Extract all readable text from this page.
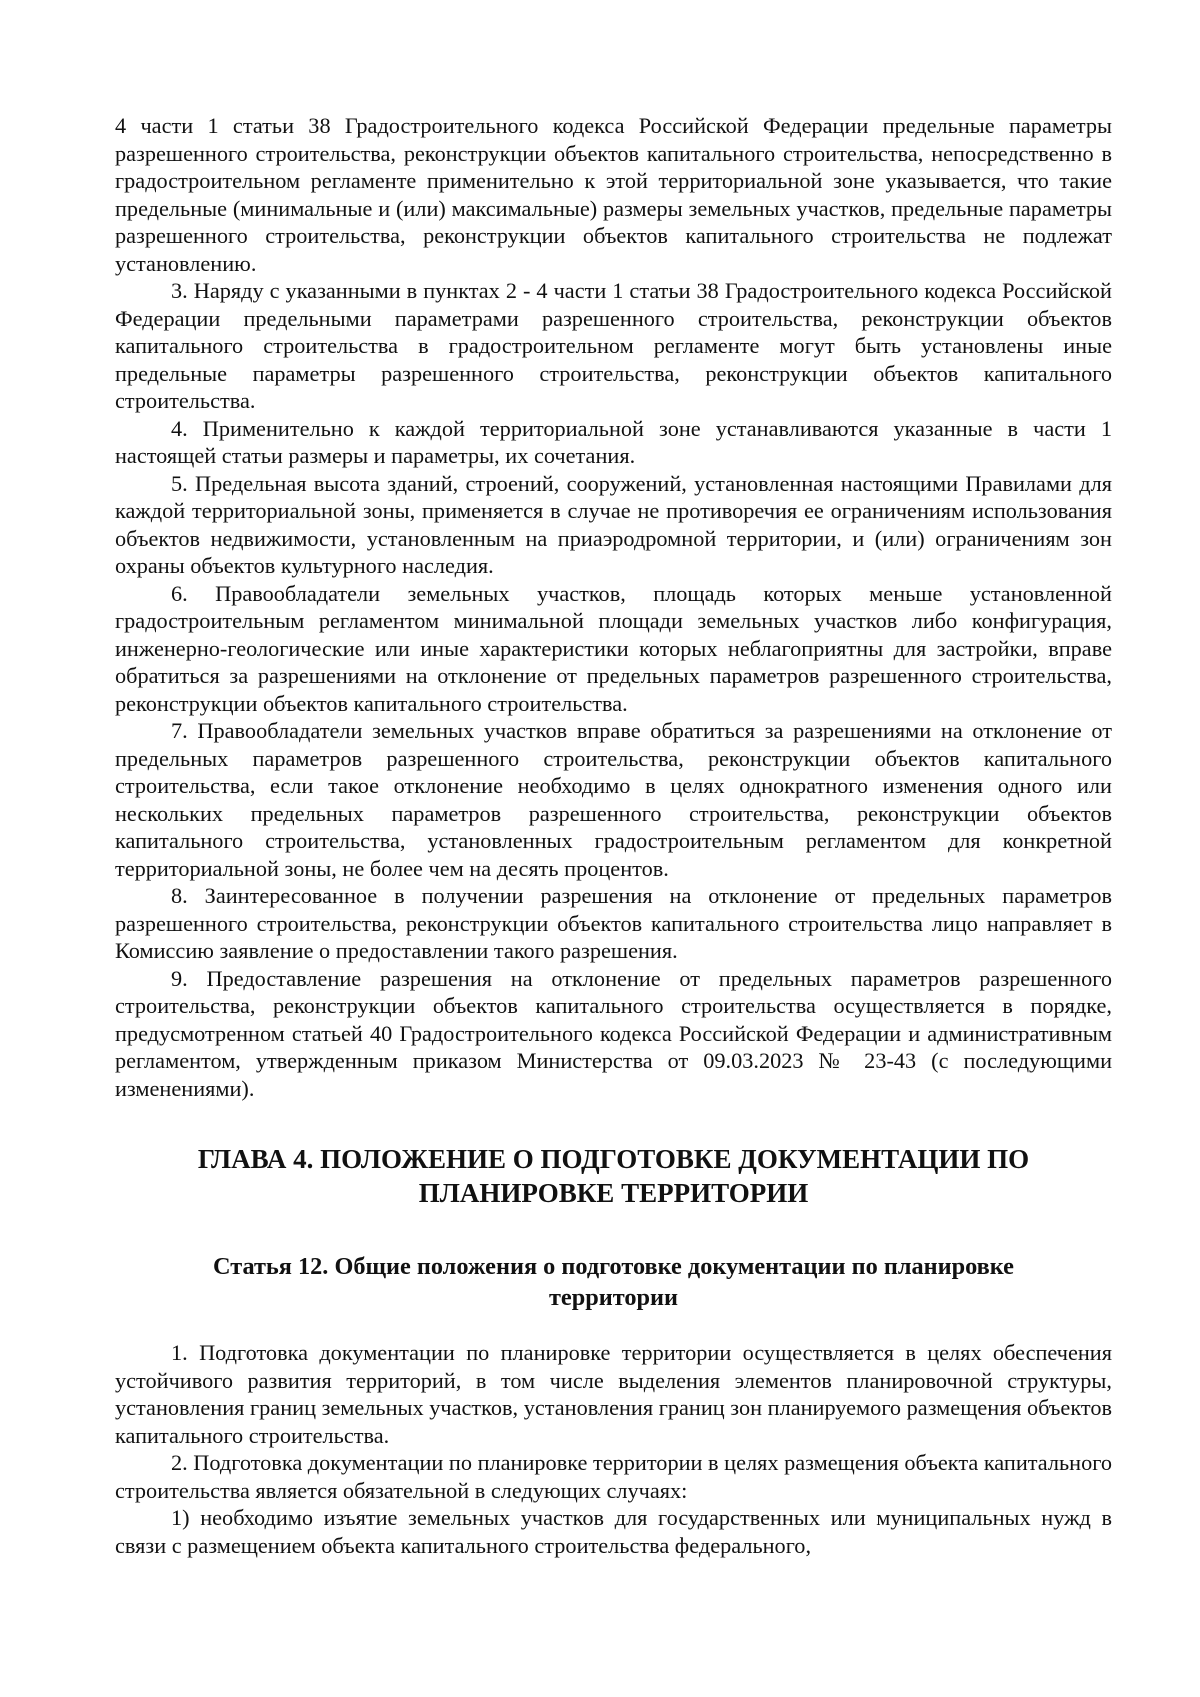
4 части 1 статьи 38 Градостроительного кодекса Российской Федерации предельные параметры разрешенного строительства, реконструкции объектов капитального строительства, непосредственно в градостроительном регламенте применительно к этой территориальной зоне указывается, что такие предельные (минимальные и (или) максимальные) размеры земельных участков, предельные параметры разрешенного строительства, реконструкции объектов капитального строительства не подлежат установлению.

3. Наряду с указанными в пунктах 2 - 4 части 1 статьи 38 Градостроительного кодекса Российской Федерации предельными параметрами разрешенного строительства, реконструкции объектов капитального строительства в градостроительном регламенте могут быть установлены иные предельные параметры разрешенного строительства, реконструкции объектов капитального строительства.

4. Применительно к каждой территориальной зоне устанавливаются указанные в части 1 настоящей статьи размеры и параметры, их сочетания.

5. Предельная высота зданий, строений, сооружений, установленная настоящими Правилами для каждой территориальной зоны, применяется в случае не противоречия ее ограничениям использования объектов недвижимости, установленным на приаэродромной территории, и (или) ограничениям зон охраны объектов культурного наследия.

6. Правообладатели земельных участков, площадь которых меньше установленной градостроительным регламентом минимальной площади земельных участков либо конфигурация, инженерно-геологические или иные характеристики которых неблагоприятны для застройки, вправе обратиться за разрешениями на отклонение от предельных параметров разрешенного строительства, реконструкции объектов капитального строительства.

7. Правообладатели земельных участков вправе обратиться за разрешениями на отклонение от предельных параметров разрешенного строительства, реконструкции объектов капитального строительства, если такое отклонение необходимо в целях однократного изменения одного или нескольких предельных параметров разрешенного строительства, реконструкции объектов капитального строительства, установленных градостроительным регламентом для конкретной территориальной зоны, не более чем на десять процентов.

8. Заинтересованное в получении разрешения на отклонение от предельных параметров разрешенного строительства, реконструкции объектов капитального строительства лицо направляет в Комиссию заявление о предоставлении такого разрешения.

9. Предоставление разрешения на отклонение от предельных параметров разрешенного строительства, реконструкции объектов капитального строительства осуществляется в порядке, предусмотренном статьей 40 Градостроительного кодекса Российской Федерации и административным регламентом, утвержденным приказом Министерства от 09.03.2023 № 23-43 (с последующими изменениями).

ГЛАВА 4. ПОЛОЖЕНИЕ О ПОДГОТОВКЕ ДОКУМЕНТАЦИИ ПО
ПЛАНИРОВКЕ ТЕРРИТОРИИ
Статья 12. Общие положения о подготовке документации по планировке
территории

1. Подготовка документации по планировке территории осуществляется в целях обеспечения устойчивого развития территорий, в том числе выделения элементов планировочной структуры, установления границ земельных участков, установления границ зон планируемого размещения объектов капитального строительства.

2. Подготовка документации по планировке территории в целях размещения объекта капитального строительства является обязательной в следующих случаях:

1) необходимо изъятие земельных участков для государственных или муниципальных нужд в связи с размещением объекта капитального строительства федерального,
